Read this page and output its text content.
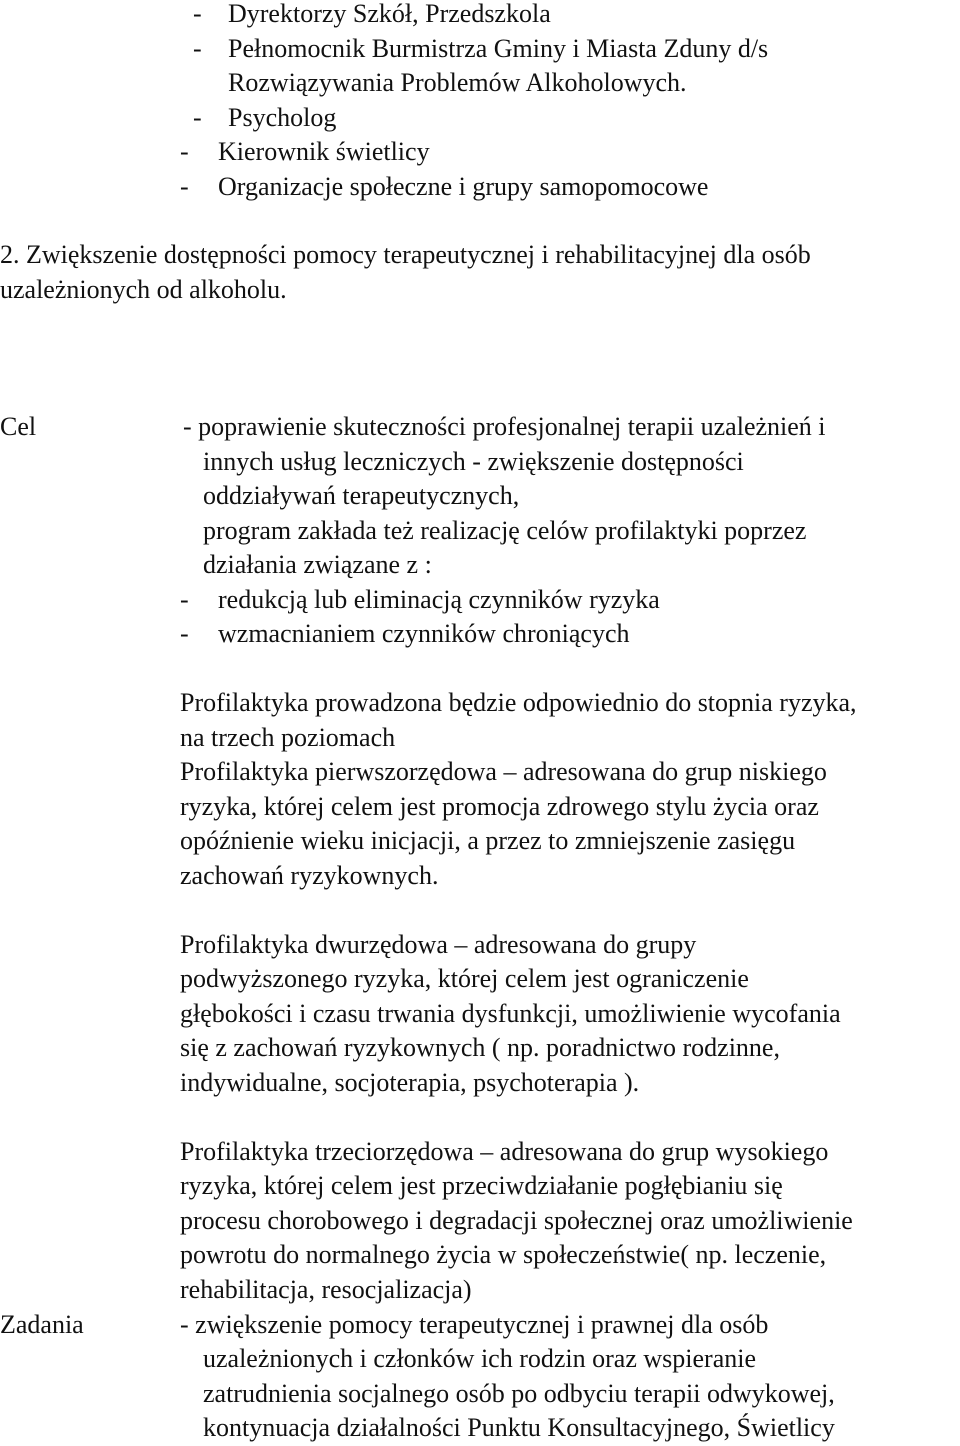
- Dyrektorzy Szkół, Przedszkola
- Pełnomocnik Burmistrza Gminy i Miasta Zduny d/s
Rozwiązywania Problemów Alkoholowych.
- Psycholog
- Kierownik świetlicy
- Organizacje społeczne i grupy samopomocowe
2. Zwiększenie dostępności pomocy terapeutycznej i rehabilitacyjnej dla osób
uzależnionych od alkoholu.
Cel	- poprawienie skuteczności profesjonalnej terapii uzależnień i
innych usług leczniczych - zwiększenie dostępności
oddziaływań terapeutycznych,
program zakłada też realizację celów profilaktyki poprzez
działania związane z :
- redukcją lub eliminacją czynników ryzyka
- wzmacnianiem czynników chroniących
Profilaktyka prowadzona będzie odpowiednio do stopnia ryzyka,
na trzech poziomach
Profilaktyka pierwszorzędowa – adresowana do grup niskiego
ryzyka, której celem jest promocja zdrowego stylu życia oraz
opóźnienie wieku inicjacji, a przez to zmniejszenie zasięgu
zachowań ryzykownych.
Profilaktyka dwurzędowa – adresowana do grupy
podwyższonego ryzyka, której celem jest ograniczenie
głębokości i czasu trwania dysfunkcji, umożliwienie wycofania
się z zachowań ryzykownych ( np. poradnictwo rodzinne,
indywidualne, socjoterapia, psychoterapia ).
Profilaktyka trzeciorzędowa – adresowana do grup wysokiego
ryzyka, której celem jest przeciwdziałanie pogłębianiu się
procesu chorobowego i degradacji społecznej oraz umożliwienie
powrotu do normalnego życia w społeczeństwie( np. leczenie,
rehabilitacja, resocjalizacja)
Zadania	- zwiększenie pomocy terapeutycznej i prawnej dla osób
uzależnionych i członków ich rodzin oraz wspieranie
zatrudnienia socjalnego osób po odbyciu terapii odwykowej,
kontynuacja działalności Punktu Konsultacyjnego, Świetlicy
